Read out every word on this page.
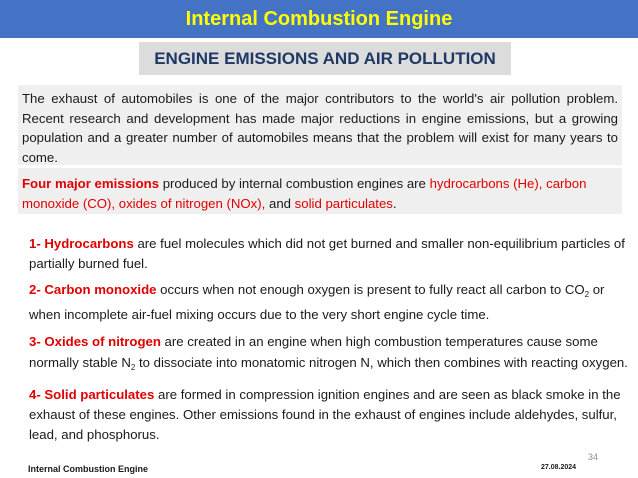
Internal Combustion Engine
ENGINE EMISSIONS AND AIR POLLUTION
The exhaust of automobiles is one of the major contributors to the world's air pollution problem. Recent research and development has made major reductions in engine emissions, but a growing population and a greater number of automobiles means that the problem will exist for many years to come.
Four major emissions produced by internal combustion engines are hydrocarbons (He), carbon monoxide (CO), oxides of nitrogen (NOx), and solid particulates.
1- Hydrocarbons are fuel molecules which did not get burned and smaller non-equilibrium particles of partially burned fuel.
2- Carbon monoxide occurs when not enough oxygen is present to fully react all carbon to $CO_2$ or when incomplete air-fuel mixing occurs due to the very short engine cycle time.
3- Oxides of nitrogen are created in an engine when high combustion temperatures cause some normally stable $N_2$ to dissociate into monatomic nitrogen N, which then combines with reacting oxygen.
4- Solid particulates are formed in compression ignition engines and are seen as black smoke in the exhaust of these engines. Other emissions found in the exhaust of engines include aldehydes, sulfur, lead, and phosphorus.
34
Internal Combustion Engine	27.08.2024
